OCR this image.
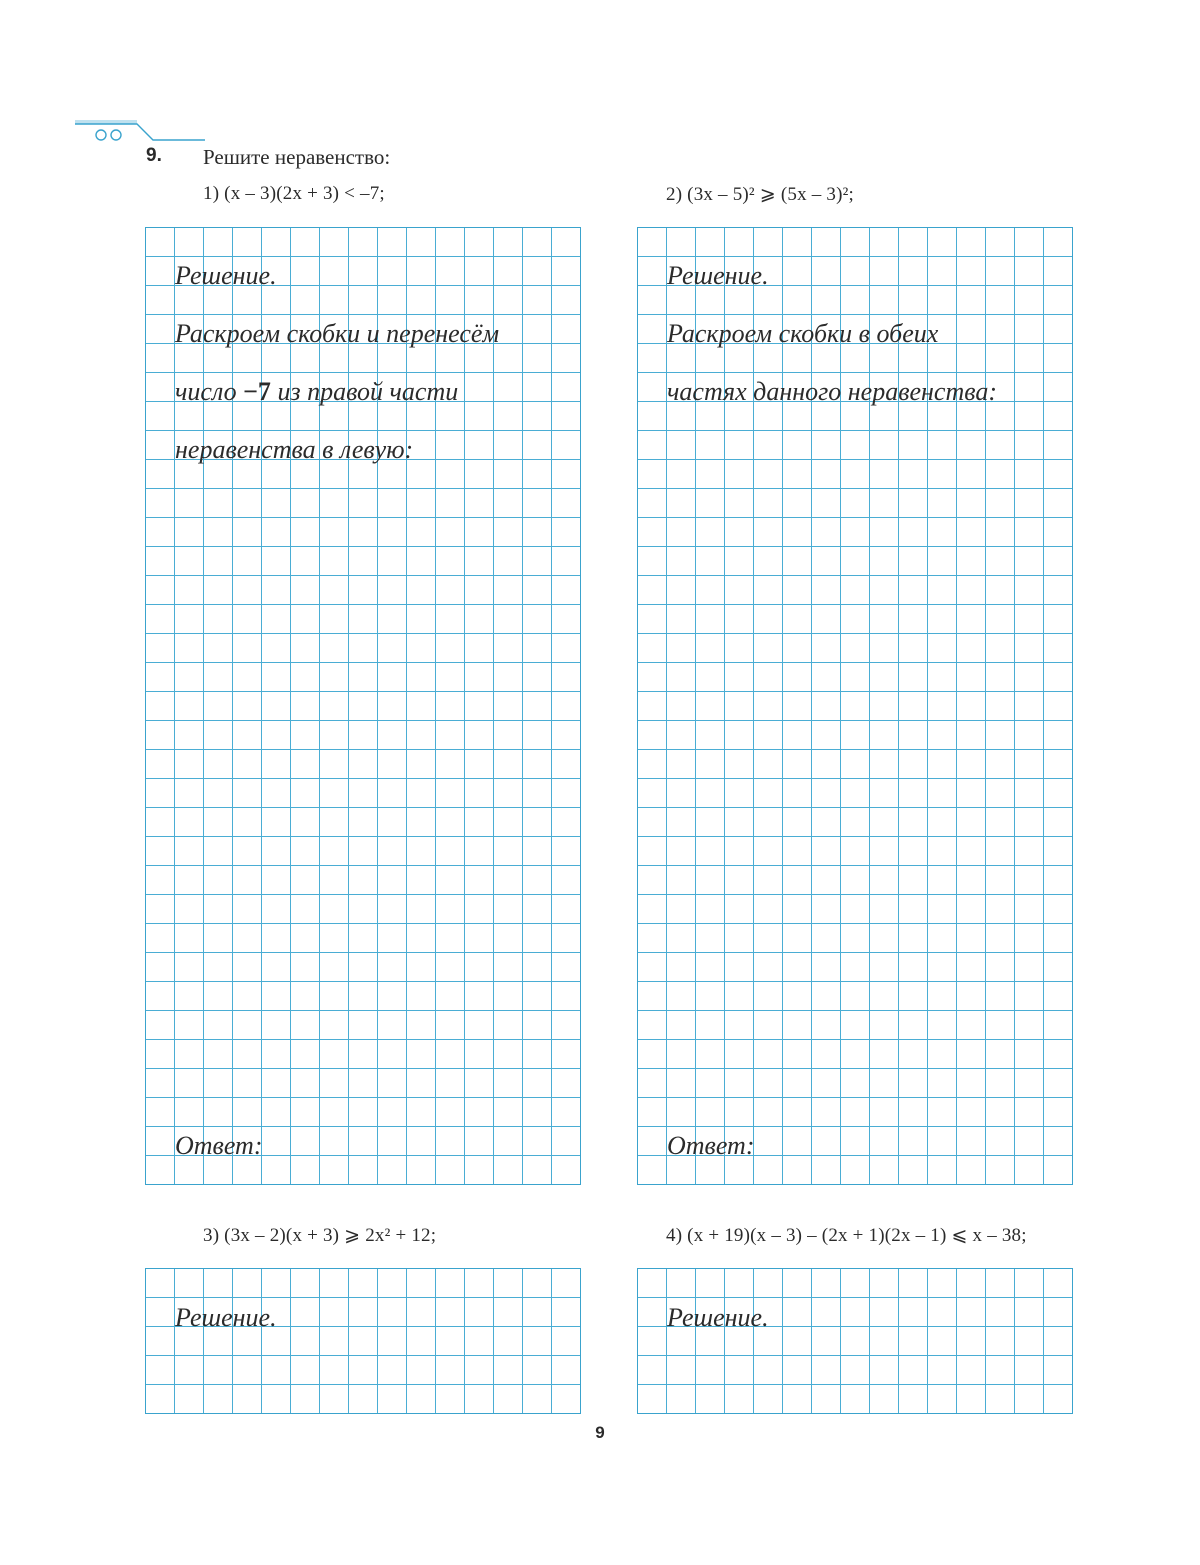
9. Решите неравенство:
1) (x – 3)(2x + 3) < –7;	2) (3x – 5)² ⩾ (5x – 3)²;
Решение.
Раскроем скобки и перенесём
число −7 из правой части
неравенства в левую:
Ответ:
Решение.
Раскроем скобки в обеих
частях данного неравенства:
Ответ:
3) (3x – 2)(x + 3) ⩾ 2x² + 12;	4) (x + 19)(x – 3) – (2x + 1)(2x – 1) ⩽ x – 38;
Решение.	Решение.
9
